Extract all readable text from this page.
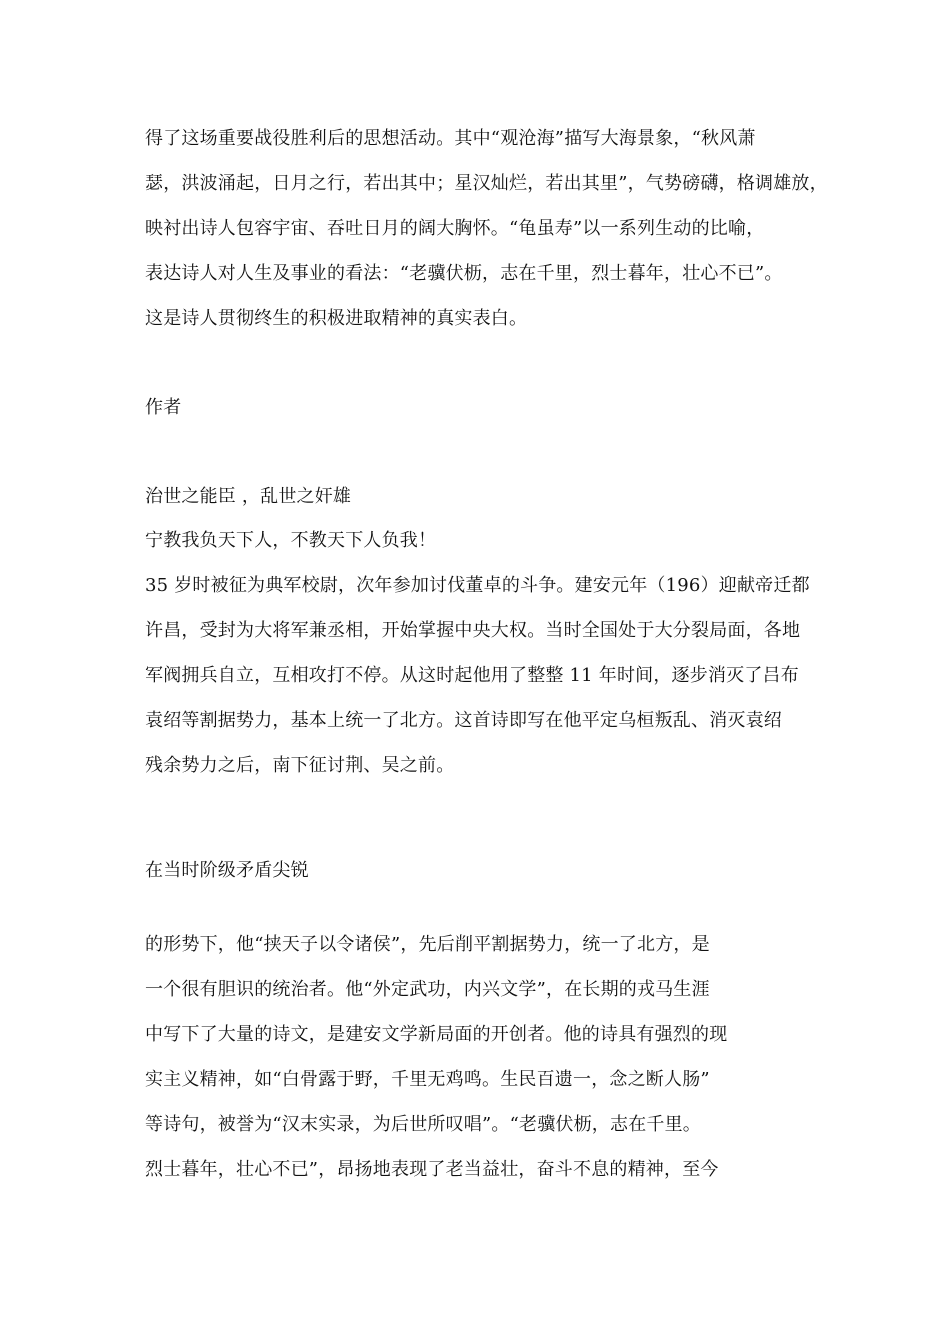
得了这场重要战役胜利后的思想活动。其中“观沧海”描写大海景象，“秋风萧
瑟，洪波涌起，日月之行，若出其中；星汉灿烂，若出其里”，气势磅礴，格调雄放，
映衬出诗人包容宇宙、吞吐日月的阔大胸怀。“龟虽寿”以一系列生动的比喻，
表达诗人对人生及事业的看法：“老骥伏枥，志在千里，烈士暮年，壮心不已”。
这是诗人贯彻终生的积极进取精神的真实表白。
作者
治世之能臣 ，乱世之奸雄
宁教我负天下人，不教天下人负我！
35 岁时被征为典军校尉，次年参加讨伐董卓的斗争。建安元年（196）迎献帝迁都
许昌，受封为大将军兼丞相，开始掌握中央大权。当时全国处于大分裂局面，各地
军阀拥兵自立，互相攻打不停。从这时起他用了整整 11 年时间，逐步消灭了吕布
袁绍等割据势力，基本上统一了北方。这首诗即写在他平定乌桓叛乱、消灭袁绍
残余势力之后，南下征讨荆、吴之前。
在当时阶级矛盾尖锐
的形势下，他“挟天子以令诸侯”，先后削平割据势力，统一了北方，是
一个很有胆识的统治者。他“外定武功，内兴文学”，在长期的戎马生涯
中写下了大量的诗文，是建安文学新局面的开创者。他的诗具有强烈的现
实主义精神，如“白骨露于野，千里无鸡鸣。生民百遗一，念之断人肠”
等诗句，被誉为“汉末实录，为后世所叹唱”。“老骥伏枥，志在千里。
烈士暮年，壮心不已”，昂扬地表现了老当益壮，奋斗不息的精神，至今
